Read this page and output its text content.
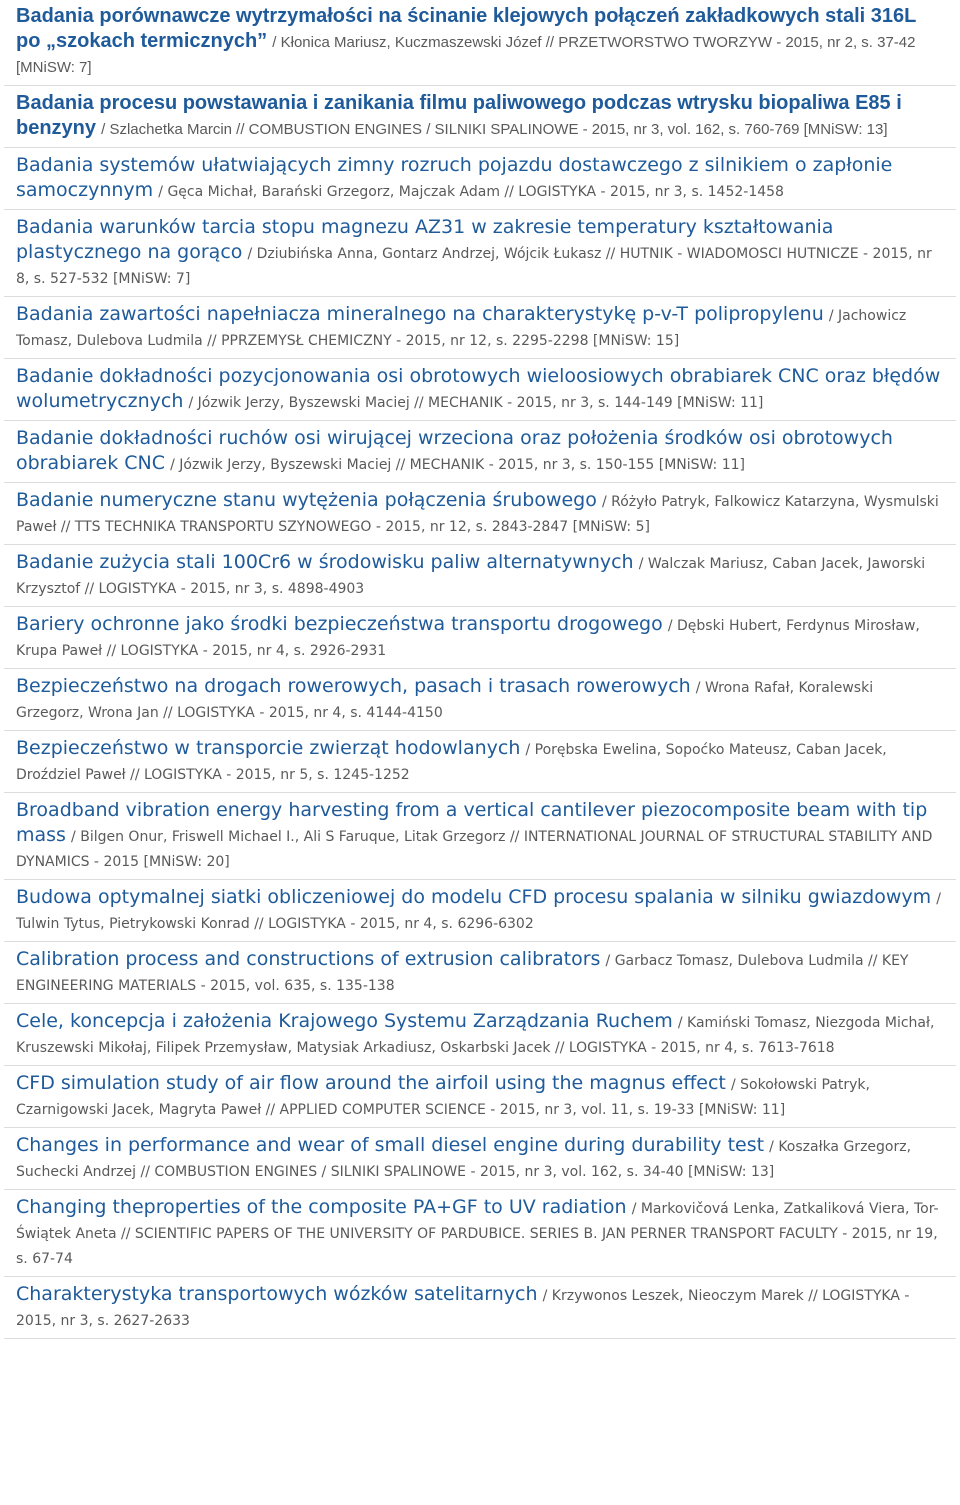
Badania porównawcze wytrzymałości na ścinanie klejowych połączeń zakładkowych stali 316L po „szokach termicznych” / Kłonica Mariusz, Kuczmaszewski Józef // PRZETWORSTWO TWORZYW - 2015, nr 2, s. 37-42 [MNiSW: 7]
Badania procesu powstawania i zanikania filmu paliwowego podczas wtrysku biopaliwa E85 i benzyny / Szlachetka Marcin // COMBUSTION ENGINES / SILNIKI SPALINOWE - 2015, nr 3, vol. 162, s. 760-769 [MNiSW: 13]
Badania systemów ułatwiających zimny rozruch pojazdu dostawczego z silnikiem o zapłonie samoczynnym / Gęca Michał, Barański Grzegorz, Majczak Adam // LOGISTYKA - 2015, nr 3, s. 1452-1458
Badania warunków tarcia stopu magnezu AZ31 w zakresie temperatury kształtowania plastycznego na gorąco / Dziubińska Anna, Gontarz Andrzej, Wójcik Łukasz // HUTNIK - WIADOMOSCI HUTNICZE - 2015, nr 8, s. 527-532 [MNiSW: 7]
Badania zawartości napełniacza mineralnego na charakterystykę p-v-T polipropylenu / Jachowicz Tomasz, Dulebova Ludmila // PPRZEMYSŁ CHEMICZNY - 2015, nr 12, s. 2295-2298 [MNiSW: 15]
Badanie dokładności pozycjonowania osi obrotowych wieloosiowych obrabiarek CNC oraz błędów wolumetrycznych / Józwik Jerzy, Byszewski Maciej // MECHANIK - 2015, nr 3, s. 144-149 [MNiSW: 11]
Badanie dokładności ruchów osi wirującej wrzeciona oraz położenia środków osi obrotowych obrabiarek CNC / Józwik Jerzy, Byszewski Maciej // MECHANIK - 2015, nr 3, s. 150-155 [MNiSW: 11]
Badanie numeryczne stanu wytężenia połączenia śrubowego / Różyło Patryk, Falkowicz Katarzyna, Wysmulski Paweł // TTS TECHNIKA TRANSPORTU SZYNOWEGO - 2015, nr 12, s. 2843-2847 [MNiSW: 5]
Badanie zużycia stali 100Cr6 w środowisku paliw alternatywnych / Walczak Mariusz, Caban Jacek, Jaworski Krzysztof // LOGISTYKA - 2015, nr 3, s. 4898-4903
Bariery ochronne jako środki bezpieczeństwa transportu drogowego / Dębski Hubert, Ferdynus Mirosław, Krupa Paweł // LOGISTYKA - 2015, nr 4, s. 2926-2931
Bezpieczeństwo na drogach rowerowych, pasach i trasach rowerowych / Wrona Rafał, Koralewski Grzegorz, Wrona Jan // LOGISTYKA - 2015, nr 4, s. 4144-4150
Bezpieczeństwo w transporcie zwierząt hodowlanych / Porębska Ewelina, Sopoćko Mateusz, Caban Jacek, Droździel Paweł // LOGISTYKA - 2015, nr 5, s. 1245-1252
Broadband vibration energy harvesting from a vertical cantilever piezocomposite beam with tip mass / Bilgen Onur, Friswell Michael I., Ali S Faruque, Litak Grzegorz // INTERNATIONAL JOURNAL OF STRUCTURAL STABILITY AND DYNAMICS - 2015 [MNiSW: 20]
Budowa optymalnej siatki obliczeniowej do modelu CFD procesu spalania w silniku gwiazdowym / Tulwin Tytus, Pietrykowski Konrad // LOGISTYKA - 2015, nr 4, s. 6296-6302
Calibration process and constructions of extrusion calibrators / Garbacz Tomasz, Dulebova Ludmila // KEY ENGINEERING MATERIALS - 2015, vol. 635, s. 135-138
Cele, koncepcja i założenia Krajowego Systemu Zarządzania Ruchem / Kamiński Tomasz, Niezgoda Michał, Kruszewski Mikołaj, Filipek Przemysław, Matysiak Arkadiusz, Oskarbski Jacek // LOGISTYKA - 2015, nr 4, s. 7613-7618
CFD simulation study of air flow around the airfoil using the magnus effect / Sokołowski Patryk, Czarnigowski Jacek, Magryta Paweł // APPLIED COMPUTER SCIENCE - 2015, nr 3, vol. 11, s. 19-33 [MNiSW: 11]
Changes in performance and wear of small diesel engine during durability test / Koszałka Grzegorz, Suchecki Andrzej // COMBUSTION ENGINES / SILNIKI SPALINOWE - 2015, nr 3, vol. 162, s. 34-40 [MNiSW: 13]
Changing theproperties of the composite PA+GF to UV radiation / Markovičová Lenka, Zatkaliková Viera, Tor-Świątek Aneta // SCIENTIFIC PAPERS OF THE UNIVERSITY OF PARDUBICE. SERIES B. JAN PERNER TRANSPORT FACULTY - 2015, nr 19, s. 67-74
Charakterystyka transportowych wózków satelitarnych / Krzywonos Leszek, Nieoczym Marek // LOGISTYKA - 2015, nr 3, s. 2627-2633
